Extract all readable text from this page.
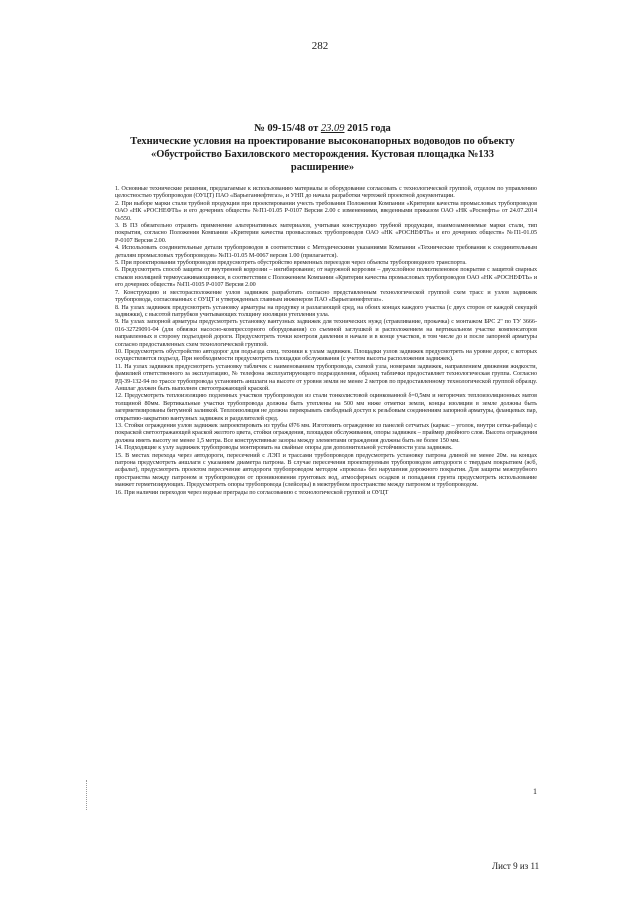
282
№ 09-15/48 от 23.09 2015 года
Технические условия на проектирование высоконапорных водоводов по объекту
«Обустройство Бахиловского месторождения. Кустовая площадка №133
расширение»

1. Основные технические решения, предлагаемые к использованию материалы и оборудование согласовать с технологической группой, отделом по управлению целостностью трубопроводов (ОУЦТ) ПАО «Варьеганнефтегаз», и УНП до начала разработки чертежей проектной документации.

2. При выборе марки стали трубной продукции при проектировании учесть требования Положения Компании «Критерии качества промысловых трубопроводов ОАО «НК «РОСНЕФТЬ» и его дочерних обществ» №П1-01.05 Р-0107 Версия 2.00 с изменениями, введенными приказом ОАО «НК «Роснефть» от 24.07.2014 №550.

3. В ПЗ обязательно отразить применение альтернативных материалов, учитывая конструкцию трубной продукции, взаимозаменяемые марки стали, тип покрытия, согласно Положения Компании «Критерии качества промысловых трубопроводов ОАО «НК «РОСНЕФТЬ» и его дочерних обществ» №П1-01.05 Р-0107 Версия 2.00.

4. Использовать соединительные детали трубопроводов в соответствии с Методическими указаниями Компании «Технические требования к соединительным деталям промысловых трубопроводов» №П1-01.05 М-0067 версия 1.00 (прилагается).

5. При проектировании трубопроводов предусмотреть обустройство временных переездов через объекты трубопроводного транспорта.

6. Предусмотреть способ защиты от внутренней коррозии – ингибирование; от наружной коррозии – двухслойное полиэтиленовое покрытие с защитой сварных стыков изоляцией термоусаживающимися, в соответствии с Положением Компании «Критерии качества промысловых трубопроводов ОАО «НК «РОСНЕФТЬ» и его дочерних обществ» №П1-0105 Р-0107 Версия 2.00

7. Конструкцию и месторасположение узлов задвижек разработать согласно представленным технологической группой схем трасс и узлов задвижек трубопровода, согласованных с ОУЦТ и утвержденных главным инженером ПАО «Варьеганнефтегаз».

8. На узлах задвижек предусмотреть установку арматуры на продувку и разлагающей сред, на обоих концах каждого участка (с двух сторон от каждой секущей задвижки), с высотой патрубков учитывающих толщину изоляции утепления узла.

9. На узлах запорной арматуры предусмотреть установку вантузных задвижек для технических нужд (стравливание, прокачка) с монтажом БРС 2" по ТУ 3666-016-32729091-04 (для обвязки насосно-компрессорного оборудования) со съемной заглушкой и расположением на вертикальном участке компенсаторов направленных в сторону подъездной дороги. Предусмотреть точки контроля давления в начале и в конце участков, в том числе до и после запорной арматуры согласно предоставленных схем технологической группой.

10. Предусмотреть обустройство автодорог для подъезда спец. техники к узлам задвижек. Площадки узлов задвижек предусмотреть на уровне дорог, с которых осуществляется подъезд. При необходимости предусмотреть площадки обслуживания (с учетом высоты расположения задвижек).

11. На узлах задвижек предусмотреть установку табличек с наименованием трубопровода, схемой узла, номерами задвижек, направлением движения жидкости, фамилией ответственного за эксплуатацию, № телефона эксплуатирующего подразделения, образец таблички предоставляет технологическая группа. Согласно РД-39-132-94 по трассе трубопровода установить аншлаги на высоте от уровня земли не менее 2 метров по предоставленному технологической группой образцу. Аншлаг должен быть выполнен светоотражающей краской.

12. Предусмотреть теплоизоляцию подземных участков трубопроводов из стали тонколистовой оцинкованной δ=0,5мм и негорючих теплоизоляционных матов толщиной 80мм. Вертикальные участки трубопровода должны быть утеплены на 500 мм ниже отметки земли, концы изоляции в земле должны быть загерметизированы битумной заливкой. Теплоизоляция не должна перекрывать свободный доступ к резьбовым соединениям запорной арматуры, фланцевых пар, открытию-закрытию вантузных задвижек и разделителей сред.

13. Стойки ограждения узлов задвижек запроектировать из трубы Ø76 мм. Изготовить ограждение из панелей сетчатых (каркас – уголок, внутри сетка-рабица) с покраской светоотражающей краской желтого цвета, стойки ограждения, площадки обслуживания, опоры задвижек – праймер двойного слоя. Высота ограждения должна иметь высоту не менее 1,5 метра. Все конструктивные зазоры между элементами ограждения должны быть не более 150 мм.

14. Подходящие к узлу задвижек трубопроводы монтировать на свайные опоры для дополнительной устойчивости узла задвижек.

15. В местах перехода через автодороги, пересечений с ЛЭП и трассами трубопроводов предусмотреть установку патрона длиной не менее 20м. на концах патрона предусмотреть аншлаги с указанием диаметра патрона. В случае пересечения проектируемым трубопроводом автодороги с твердым покрытием (ж/б, асфальт), предусмотреть проектом пересечение автодороги трубопроводом методом «прокола» без нарушения дорожного покрытия. Для защиты межтрубного пространства между патроном и трубопроводом от проникновения грунтовых вод, атмосферных осадков и попадания грунта предусмотреть использование манжет герметизирующих. Предусмотреть опоры трубопровода (слейсеры) в межтрубном пространстве между патроном и трубопроводом.

16. При наличии переходов через водные преграды по согласованию с технологической группой и ОУЦТ

1
Лист 9 из 11
